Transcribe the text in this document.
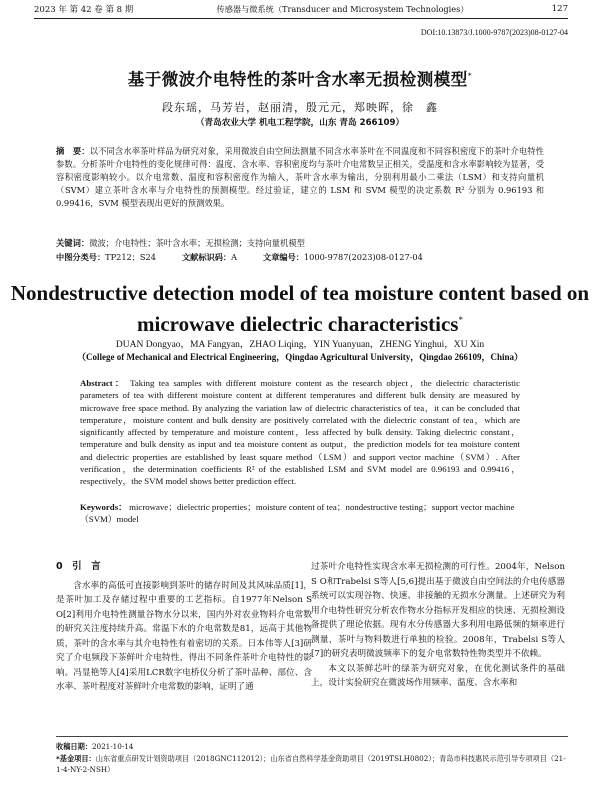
2023 年 第 42 卷 第 8 期	传感器与微系统（Transducer and Microsystem Technologies）	127
DOI:10.13873/J.1000-9787(2023)08-0127-04
基于微波介电特性的茶叶含水率无损检测模型*
段东瑶，马芳岩，赵丽清，殷元元，郑映晖，徐　鑫
（青岛农业大学 机电工程学院，山东 青岛 266109）
摘　要：以不同含水率茶叶样品为研究对象，采用微波自由空间法测量不同含水率茶叶在不同温度和不同容积密度下的茶叶介电特性参数。分析茶叶介电特性的变化规律可得：温度、含水率、容积密度均与茶叶介电常数呈正相关，受温度和含水率影响较为显著，受容积密度影响较小。以介电常数、温度和容积密度作为输入，茶叶含水率为输出，分别利用最小二乘法（LSM）和支持向量机（SVM）建立茶叶含水率与介电特性的预测模型。经过验证，建立的 LSM 和 SVM 模型的决定系数 R² 分别为 0.96193 和 0.99416，SVM 模型表现出更好的预测效果。
关键词：微波；介电特性；茶叶含水率；无损检测；支持向量机模型
中图分类号：TP212；S24	文献标识码：A	文章编号：1000-9787(2023)08-0127-04
Nondestructive detection model of tea moisture content based on microwave dielectric characteristics*
DUAN Dongyao，MA Fangyan，ZHAO Liqing，YIN Yuanyuan，ZHENG Yinghui，XU Xin
（College of Mechanical and Electrical Engineering，Qingdao Agricultural University，Qingdao 266109，China）
Abstract： Taking tea samples with different moisture content as the research object，the dielectric characteristic parameters of tea with different moisture content at different temperatures and different bulk density are measured by microwave free space method. By analyzing the variation law of dielectric characteristics of tea，it can be concluded that temperature，moisture content and bulk density are positively correlated with the dielectric constant of tea，which are significantly affected by temperature and moisture content，less affected by bulk density. Taking dielectric constant，temperature and bulk density as input and tea moisture content as output，the prediction models for tea moisture content and dielectric properties are established by least square method（LSM）and support vector machine（SVM）. After verification，the determination coefficients R² of the established LSM and SVM model are 0.96193 and 0.99416，respectively，the SVM model shows better prediction effect.
Keywords： microwave；dielectric properties；moisture content of tea；nondestructive testing；support vector machine（SVM）model
0　引　言

含水率的高低可直接影响到茶叶的储存时间及其风味品质[1]，是茶叶加工及存储过程中重要的工艺指标。自1977年Nelson S O[2]利用介电特性测量谷物水分以来，国内外对农业物料介电常数的研究关注度持续升高。常温下水的介电常数是81，远高于其他物质，茶叶的含水率与其介电特性有着密切的关系。日本伟等人[3]研究了介电频段下茶鲜叶介电特性，得出不同条件茶叶介电特性的影响。冯显艳等人[4]采用LCR数字电桥仪分析了茶叶品种、部位、含水率、茶叶程度对茶鲜叶介电常数的影响，证明了通

过茶叶介电特性实现含水率无损检测的可行性。2004年，Nelson S O和Trabelsi S等人[5,6]提出基于微波自由空间法的介电传感器系统可以实现谷物、快速、非接触的无损水分测量。上述研究为利用介电特性研究分析农作物水分指标开发相应的快速、无损检测设备提供了理论依据。现有水分传感器大多利用电路低频的频率进行测量，茶叶与物料数进行单独的检验。2008年，Trabelsi S等人[7]的研究表明微波频率下的复介电常数特性物类型并不依赖。

本文以茶鲜芯叶的绿茶为研究对象，在优化测试条件的基础上，设计实验研究在微波场作用频率、温度、含水率和

收稿日期：2021-10-14
*基金项目：山东省重点研发计划资助项目（2018GNC112012）；山东省自然科学基金资助项目（2019TSLH0802）；青岛市科技惠民示范引导专项项目（21-1-4-NY-2-NSH）
